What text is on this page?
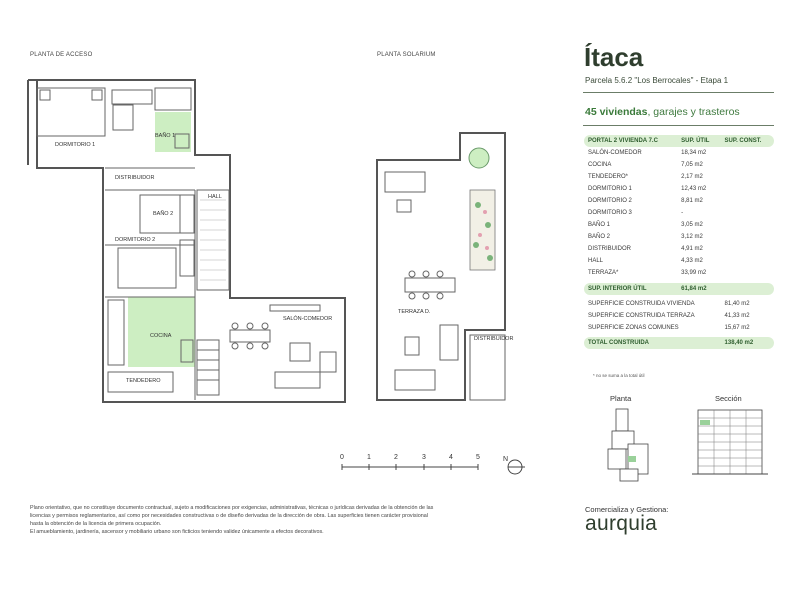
PLANTA DE ACCESO	PLANTA SOLARIUM
DORMITORIO 1
BAÑO 1
DISTRIBUIDOR
HALL
BAÑO 2
DORMITORIO 2
SALÓN-COMEDOR
COCINA
TENDEDERO
TERRAZA D.
DISTRIBUIDOR
0	1	2	3	4	5	N
Ítaca
Parcela 5.6.2 "Los Berrocales" - Etapa 1
45 viviendas, garajes y trasteros
PORTAL 2 VIVIENDA 7.C	SUP. ÚTIL	SUP. CONST.
SALÓN-COMEDOR	18,34 m2	
COCINA	7,05 m2	
TENDEDERO*	2,17 m2	
DORMITORIO 1	12,43 m2	
DORMITORIO 2	8,81 m2	
DORMITORIO 3	-	
BAÑO 1	3,05 m2	
BAÑO 2	3,12 m2	
DISTRIBUIDOR	4,91 m2	
HALL	4,33 m2	
TERRAZA*	33,99 m2	

SUP. INTERIOR ÚTIL	61,84 m2	

SUPERFICIE CONSTRUIDA VIVIENDA		81,40 m2
SUPERFICIE CONSTRUIDA TERRAZA		41,33 m2
SUPERFICIE ZONAS COMUNES		15,67 m2

TOTAL CONSTRUIDA		138,40 m2
* no se suma a la total útil
Planta	Sección
Plano orientativo, que no constituye documento contractual, sujeto a modificaciones por exigencias, administrativas, técnicas o jurídicas derivadas de la obtención de las
licencias y permisos reglamentarios, así como por necesidades constructivas o de diseño derivadas de la dirección de obra. Las superficies tienen carácter provisional
hasta la obtención de la licencia de primera ocupación.
El amueblamiento, jardinería, ascensor y mobiliario urbano son ficticios teniendo validez únicamente a efectos decorativos.
Comercializa y Gestiona:
aurquia
